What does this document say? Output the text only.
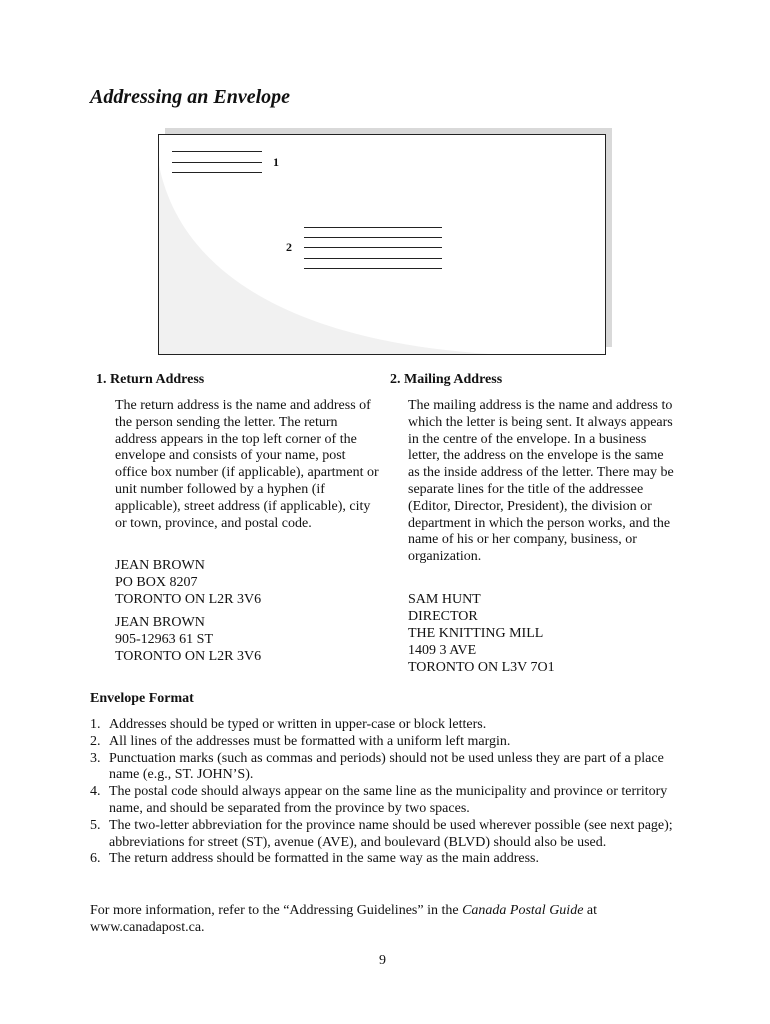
Addressing an Envelope
1
2
1. Return Address
The return address is the name and address of the person sending the letter. The return address appears in the top left corner of the envelope and consists of your name, post office box number (if applicable), apartment or unit number followed by a hyphen (if applicable), street address (if applicable), city or town, province, and postal code.
JEAN BROWN
PO BOX 8207
TORONTO ON L2R 3V6
JEAN BROWN
905-12963 61 ST
TORONTO ON L2R 3V6
2. Mailing Address
The mailing address is the name and address to which the letter is being sent. It always appears in the centre of the envelope. In a business letter, the address on the envelope is the same as the inside address of the letter. There may be separate lines for the title of the addressee (Editor, Director, President), the division or department in which the person works, and the name of his or her company, business, or organization.
SAM HUNT
DIRECTOR
THE KNITTING MILL
1409 3 AVE
TORONTO ON L3V 7O1
Envelope Format
1. Addresses should be typed or written in upper-case or block letters.
2. All lines of the addresses must be formatted with a uniform left margin.
3. Punctuation marks (such as commas and periods) should not be used unless they are part of a place name (e.g., ST. JOHN’S).
4. The postal code should always appear on the same line as the municipality and province or territory name, and should be separated from the province by two spaces.
5. The two-letter abbreviation for the province name should be used wherever possible (see next page); abbreviations for street (ST), avenue (AVE), and boulevard (BLVD) should also be used.
6. The return address should be formatted in the same way as the main address.
For more information, refer to the “Addressing Guidelines” in the Canada Postal Guide at www.canadapost.ca.
9
